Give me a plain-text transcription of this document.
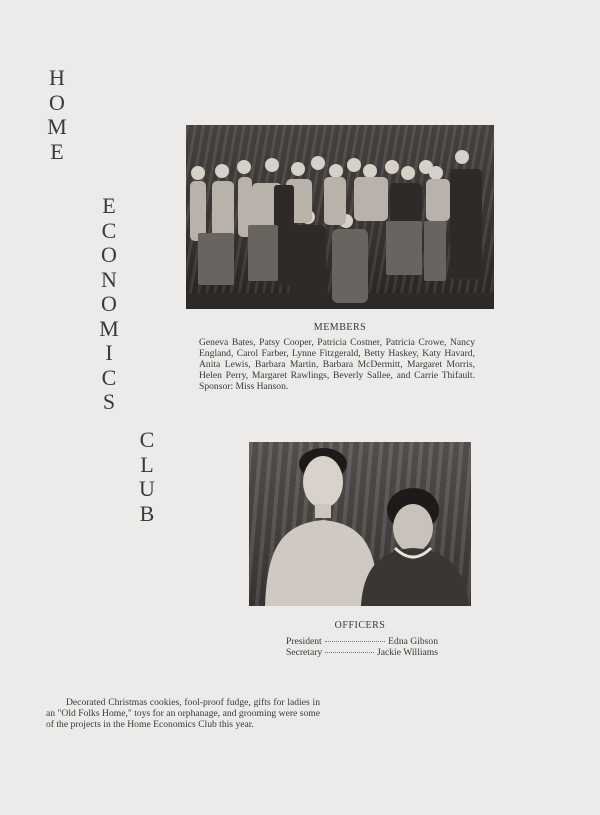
H
O
M
E
E
C
O
N
O
M
I
C
S
C
L
U
B
MEMBERS
Geneva Bates, Patsy Cooper, Patricia Costner, Patricia Crowe, Nancy England, Carol Farber, Lynne Fitzgerald, Betty Haskey, Katy Havard, Anita Lewis, Barbara Martin, Barbara McDermitt, Margaret Morris, Helen Perry, Margaret Rawlings, Beverly Sallee, and Carrie Thifault. Sponsor: Miss Hanson.
OFFICERS
President	Edna Gibson
Secretary	Jackie Williams
Decorated Christmas cookies, fool-proof fudge, gifts for ladies in an "Old Folks Home," toys for an orphanage, and grooming were some of the projects in the Home Economics Club this year.
